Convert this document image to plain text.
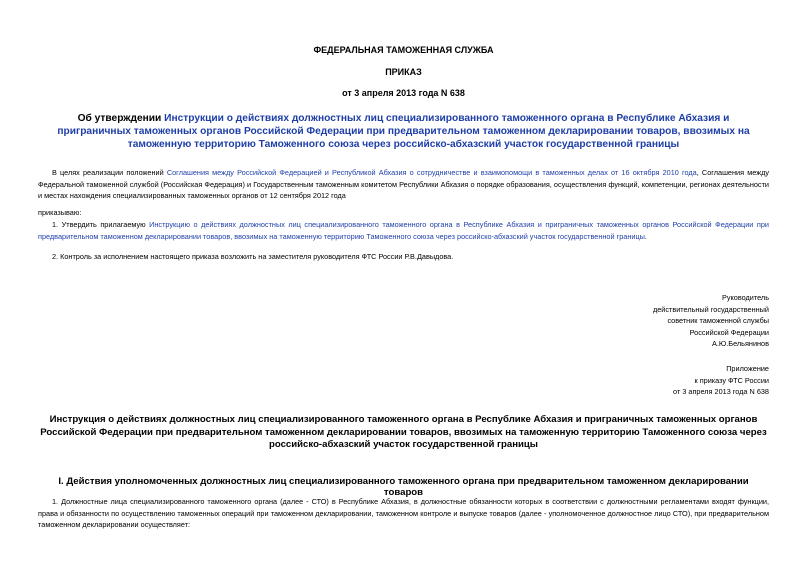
ФЕДЕРАЛЬНАЯ ТАМОЖЕННАЯ СЛУЖБА
ПРИКАЗ
от 3 апреля 2013 года N 638
Об утверждении Инструкции о действиях должностных лиц специализированного таможенного органа в Республике Абхазия и приграничных таможенных органов Российской Федерации при предварительном таможенном декларировании товаров, ввозимых на таможенную территорию Таможенного союза через российско-абхазский участок государственной границы
В целях реализации положений Соглашения между Российской Федерацией и Республикой Абхазия о сотрудничестве и взаимопомощи в таможенных делах от 16 октября 2010 года, Соглашения между Федеральной таможенной службой (Российская Федерация) и Государственным таможенным комитетом Республики Абхазия о порядке образования, осуществления функций, компетенции, регионах деятельности и местах нахождения специализированных таможенных органов от 12 сентября 2012 года
приказываю:
1. Утвердить прилагаемую Инструкцию о действиях должностных лиц специализированного таможенного органа в Республике Абхазия и приграничных таможенных органов Российской Федерации при предварительном таможенном декларировании товаров, ввозимых на таможенную территорию Таможенного союза через российско-абхазский участок государственной границы.
2. Контроль за исполнением настоящего приказа возложить на заместителя руководителя ФТС России Р.В.Давыдова.
Руководитель
действительный государственный
советник таможенной службы
Российской Федерации
А.Ю.Бельянинов
Приложение
к приказу ФТС России
от 3 апреля 2013 года N 638
Инструкция о действиях должностных лиц специализированного таможенного органа в Республике Абхазия и приграничных таможенных органов Российской Федерации при предварительном таможенном декларировании товаров, ввозимых на таможенную территорию Таможенного союза через российско-абхазский участок государственной границы
I. Действия уполномоченных должностных лиц специализированного таможенного органа при предварительном таможенном декларировании товаров
1. Должностные лица специализированного таможенного органа (далее - СТО) в Республике Абхазия, в должностные обязанности которых в соответствии с должностными регламентами входят функции, права и обязанности по осуществлению таможенных операций при таможенном декларировании, таможенном контроле и выпуске товаров (далее - уполномоченное должностное лицо СТО), при предварительном таможенном декларировании осуществляет:
